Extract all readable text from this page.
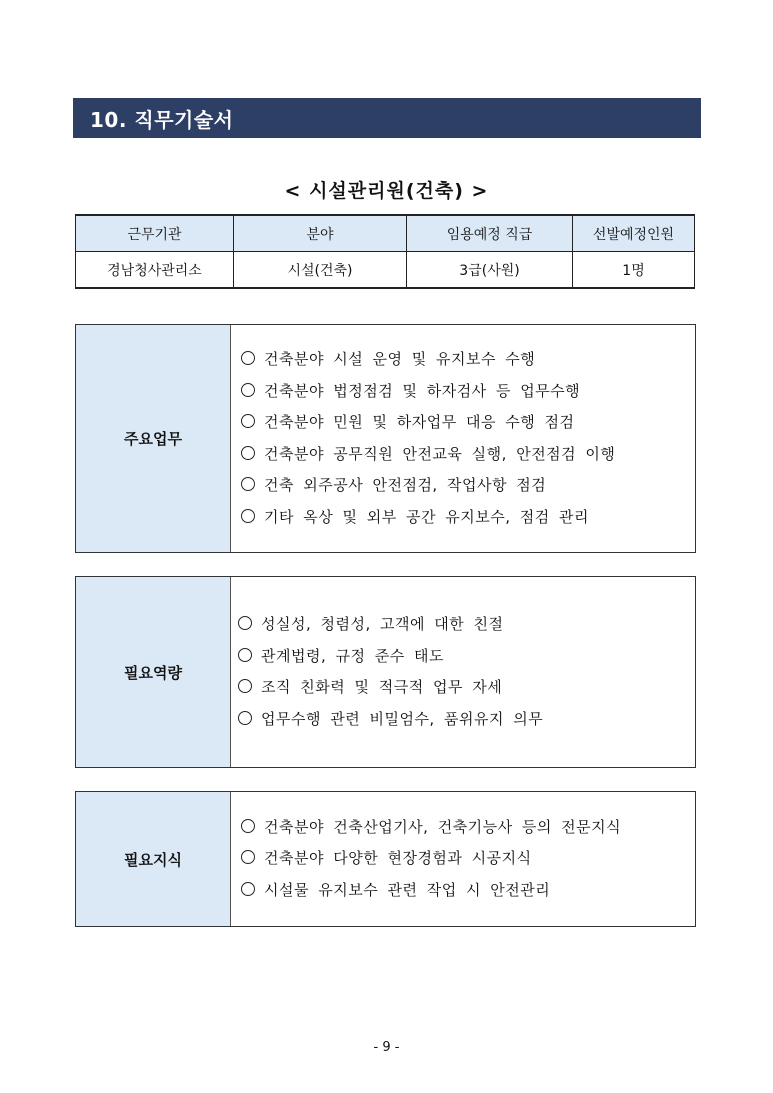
10. 직무기술서
< 시설관리원(건축) >
근무기관	분야	임용예정 직급	선발예정인원
경남청사관리소	시설(건축)	3급(사원)	1명
주요업무
건축분야 시설 운영 및 유지보수 수행
건축분야 법정점검 및 하자검사 등 업무수행
건축분야 민원 및 하자업무 대응 수행 점검
건축분야 공무직원 안전교육 실행, 안전점검 이행
건축 외주공사 안전점검, 작업사항 점검
기타 옥상 및 외부 공간 유지보수, 점검 관리
필요역량
성실성, 청렴성, 고객에 대한 친절
관계법령, 규정 준수 태도
조직 친화력 및 적극적 업무 자세
업무수행 관련 비밀엄수, 품위유지 의무
필요지식
건축분야 건축산업기사, 건축기능사 등의 전문지식
건축분야 다양한 현장경험과 시공지식
시설물 유지보수 관련 작업 시 안전관리
- 9 -
